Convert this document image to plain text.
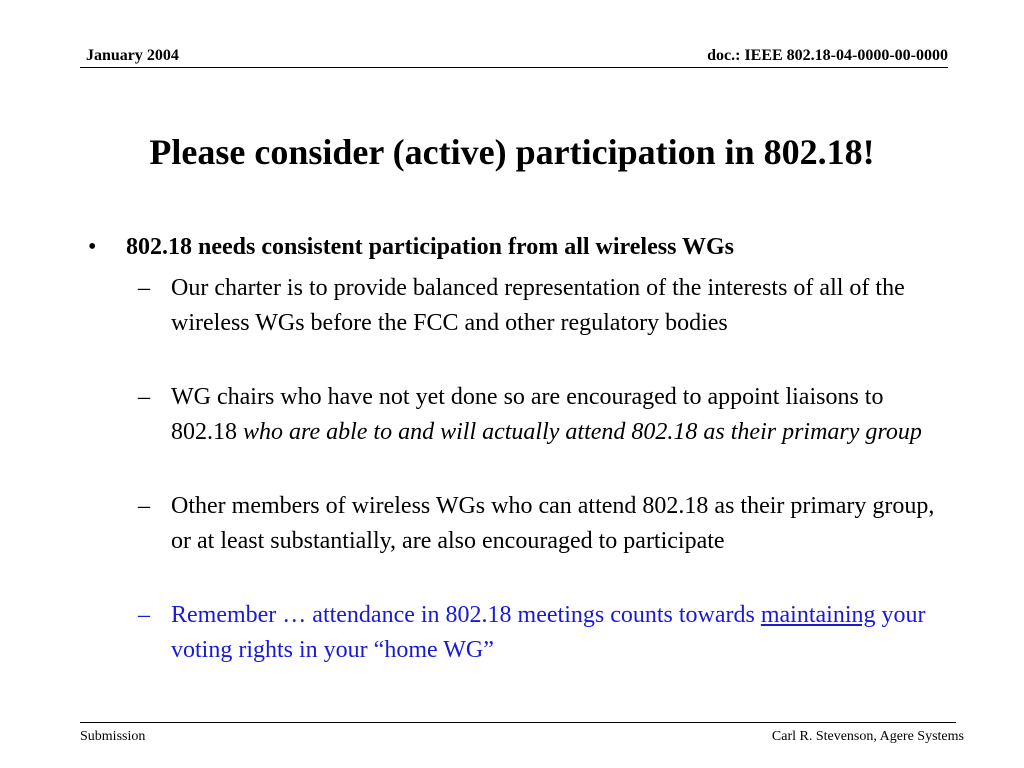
January 2004	doc.: IEEE 802.18-04-0000-00-0000
Please consider (active) participation in 802.18!
• 802.18 needs consistent participation from all wireless WGs
– Our charter is to provide balanced representation of the interests of all of the wireless WGs before the FCC and other regulatory bodies
– WG chairs who have not yet done so are encouraged to appoint liaisons to 802.18 who are able to and will actually attend 802.18 as their primary group
– Other members of wireless WGs who can attend 802.18 as their primary group, or at least substantially, are also encouraged to participate
– Remember … attendance in 802.18 meetings counts towards maintaining your voting rights in your “home WG”
Submission	Carl R. Stevenson, Agere Systems
